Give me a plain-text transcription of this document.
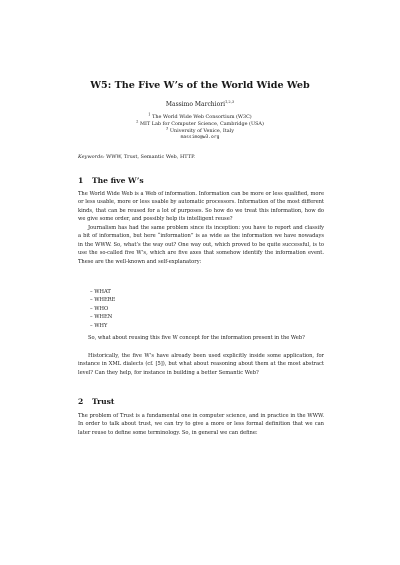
W5: The Five W’s of the World Wide Web
Massimo Marchiori$^{1,2,3}$
$^1$ The World Wide Web Consortium (W3C)
$^2$ MIT Lab for Computer Science, Cambridge (USA)
$^3$ University of Venice, Italy
massimo@w3.org
Keywords: WWW, Trust, Semantic Web, HTTP.
1 The five W’s

The World Wide Web is a Web of information. Information can be more or less qualified, more or less usable, more or less usable by automatic processors. Information of the most different kinds, that can be reused for a lot of purposes. So how do we treat this information, how do we give some order, and possibly help its intelligent reuse?

Journalism has had the same problem since its inception: you have to report and classify a bit of information, but here “information” is as wide as the information we have nowadays in the WWW. So, what’s the way out? One way out, which proved to be quite successful, is to use the so-called five W’s, which are five axes that somehow identify the information event. These are the well-known and self-explanatory:

– WHAT
– WHERE
– WHO
– WHEN
– WHY

So, what about reusing this five W concept for the information present in the Web?

Historically, the five W’s have already been used explicitly inside some application, for instance in XML dialects (cf. [5]), but what about reasoning about them at the most abstract level? Can they help, for instance in building a better Semantic Web?

2 Trust

The problem of Trust is a fundamental one in computer science, and in practice in the WWW. In order to talk about trust, we can try to give a more or less formal definition that we can later reuse to define some terminology. So, in general we can define:
